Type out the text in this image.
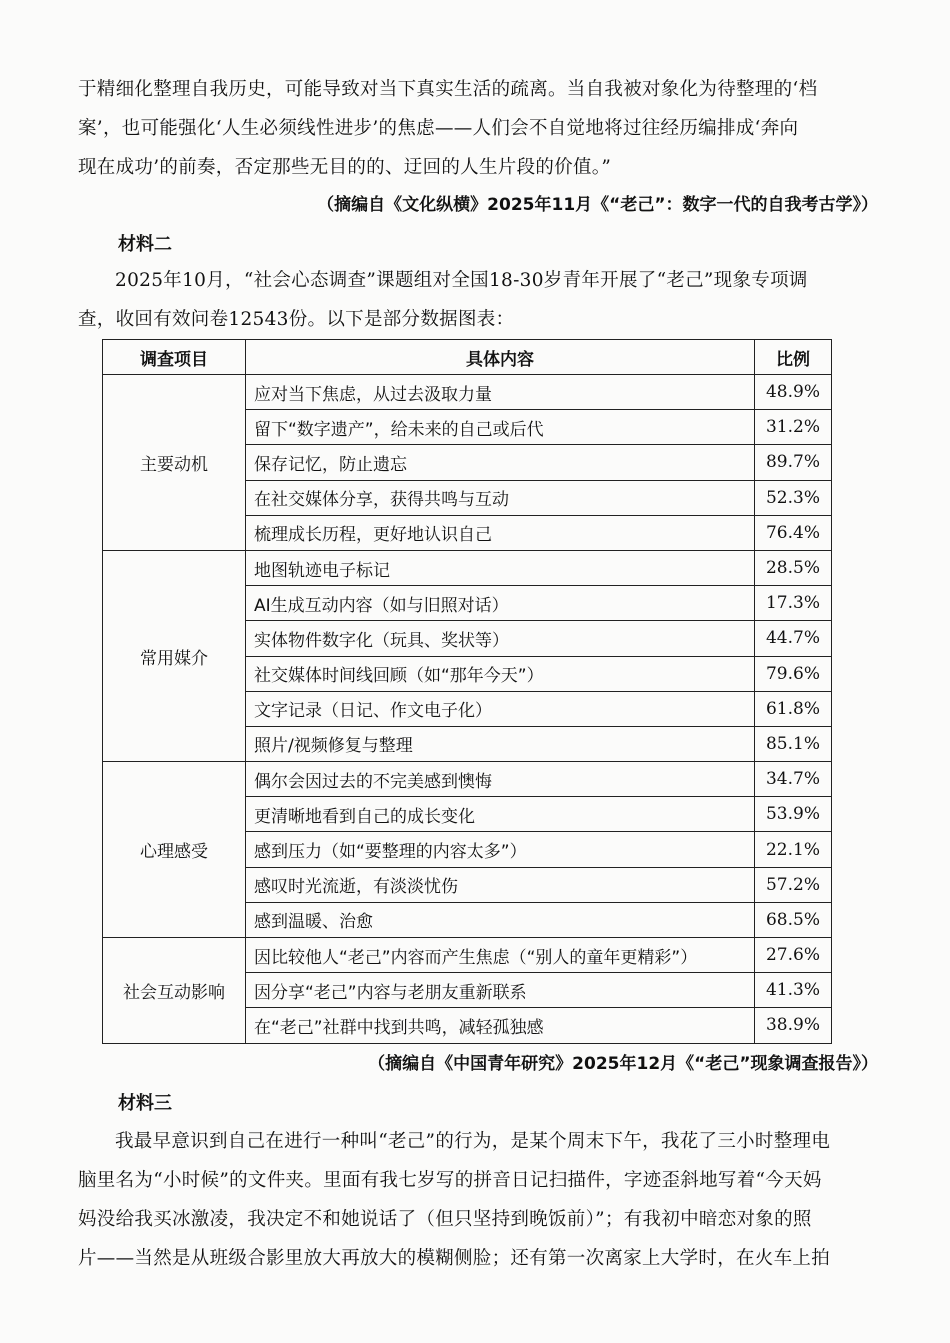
于精细化整理自我历史，可能导致对当下真实生活的疏离。当自我被对象化为待整理的‘档

案’，也可能强化‘人生必须线性进步’的焦虑——人们会不自觉地将过往经历编排成‘奔向

现在成功’的前奏，否定那些无目的的、迂回的人生片段的价值。”

（摘编自《文化纵横》2025年11月《“老己”：数字一代的自我考古学》）

材料二

2025年10月，“社会心态调查”课题组对全国18-30岁青年开展了“老己”现象专项调

查，收回有效问卷12543份。以下是部分数据图表：

调查项目	具体内容	比例
主要动机	应对当下焦虑，从过去汲取力量	48.9%
	留下“数字遗产”，给未来的自己或后代	31.2%
	保存记忆，防止遗忘	89.7%
	在社交媒体分享，获得共鸣与互动	52.3%
	梳理成长历程，更好地认识自己	76.4%
常用媒介	地图轨迹电子标记	28.5%
	AI生成互动内容（如与旧照对话）	17.3%
	实体物件数字化（玩具、奖状等）	44.7%
	社交媒体时间线回顾（如“那年今天”）	79.6%
	文字记录（日记、作文电子化）	61.8%
	照片/视频修复与整理	85.1%
心理感受	偶尔会因过去的不完美感到懊悔	34.7%
	更清晰地看到自己的成长变化	53.9%
	感到压力（如“要整理的内容太多”）	22.1%
	感叹时光流逝，有淡淡忧伤	57.2%
	感到温暖、治愈	68.5%
社会互动影响	因比较他人“老己”内容而产生焦虑（“别人的童年更精彩”）	27.6%
	因分享“老己”内容与老朋友重新联系	41.3%
	在“老己”社群中找到共鸣，减轻孤独感	38.9%

（摘编自《中国青年研究》2025年12月《“老己”现象调查报告》）

材料三

我最早意识到自己在进行一种叫“老己”的行为，是某个周末下午，我花了三小时整理电

脑里名为“小时候”的文件夹。里面有我七岁写的拼音日记扫描件，字迹歪斜地写着“今天妈

妈没给我买冰激凌，我决定不和她说话了（但只坚持到晚饭前）”；有我初中暗恋对象的照

片——当然是从班级合影里放大再放大的模糊侧脸；还有第一次离家上大学时，在火车上拍
